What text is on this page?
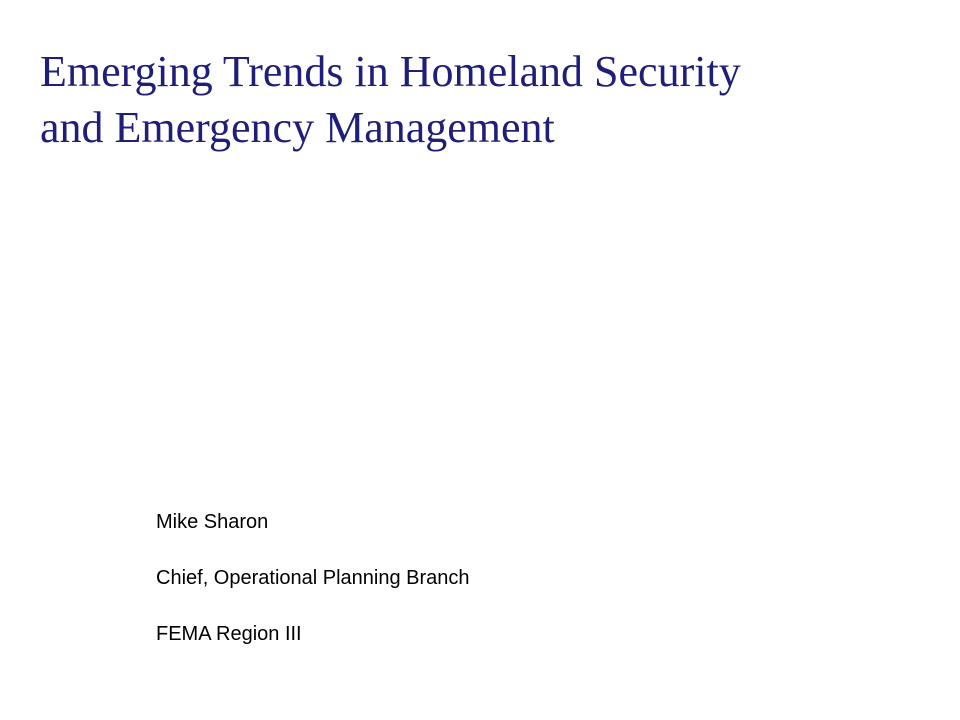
Emerging Trends in Homeland Security
and Emergency Management
Mike Sharon
Chief, Operational Planning Branch
FEMA Region III
